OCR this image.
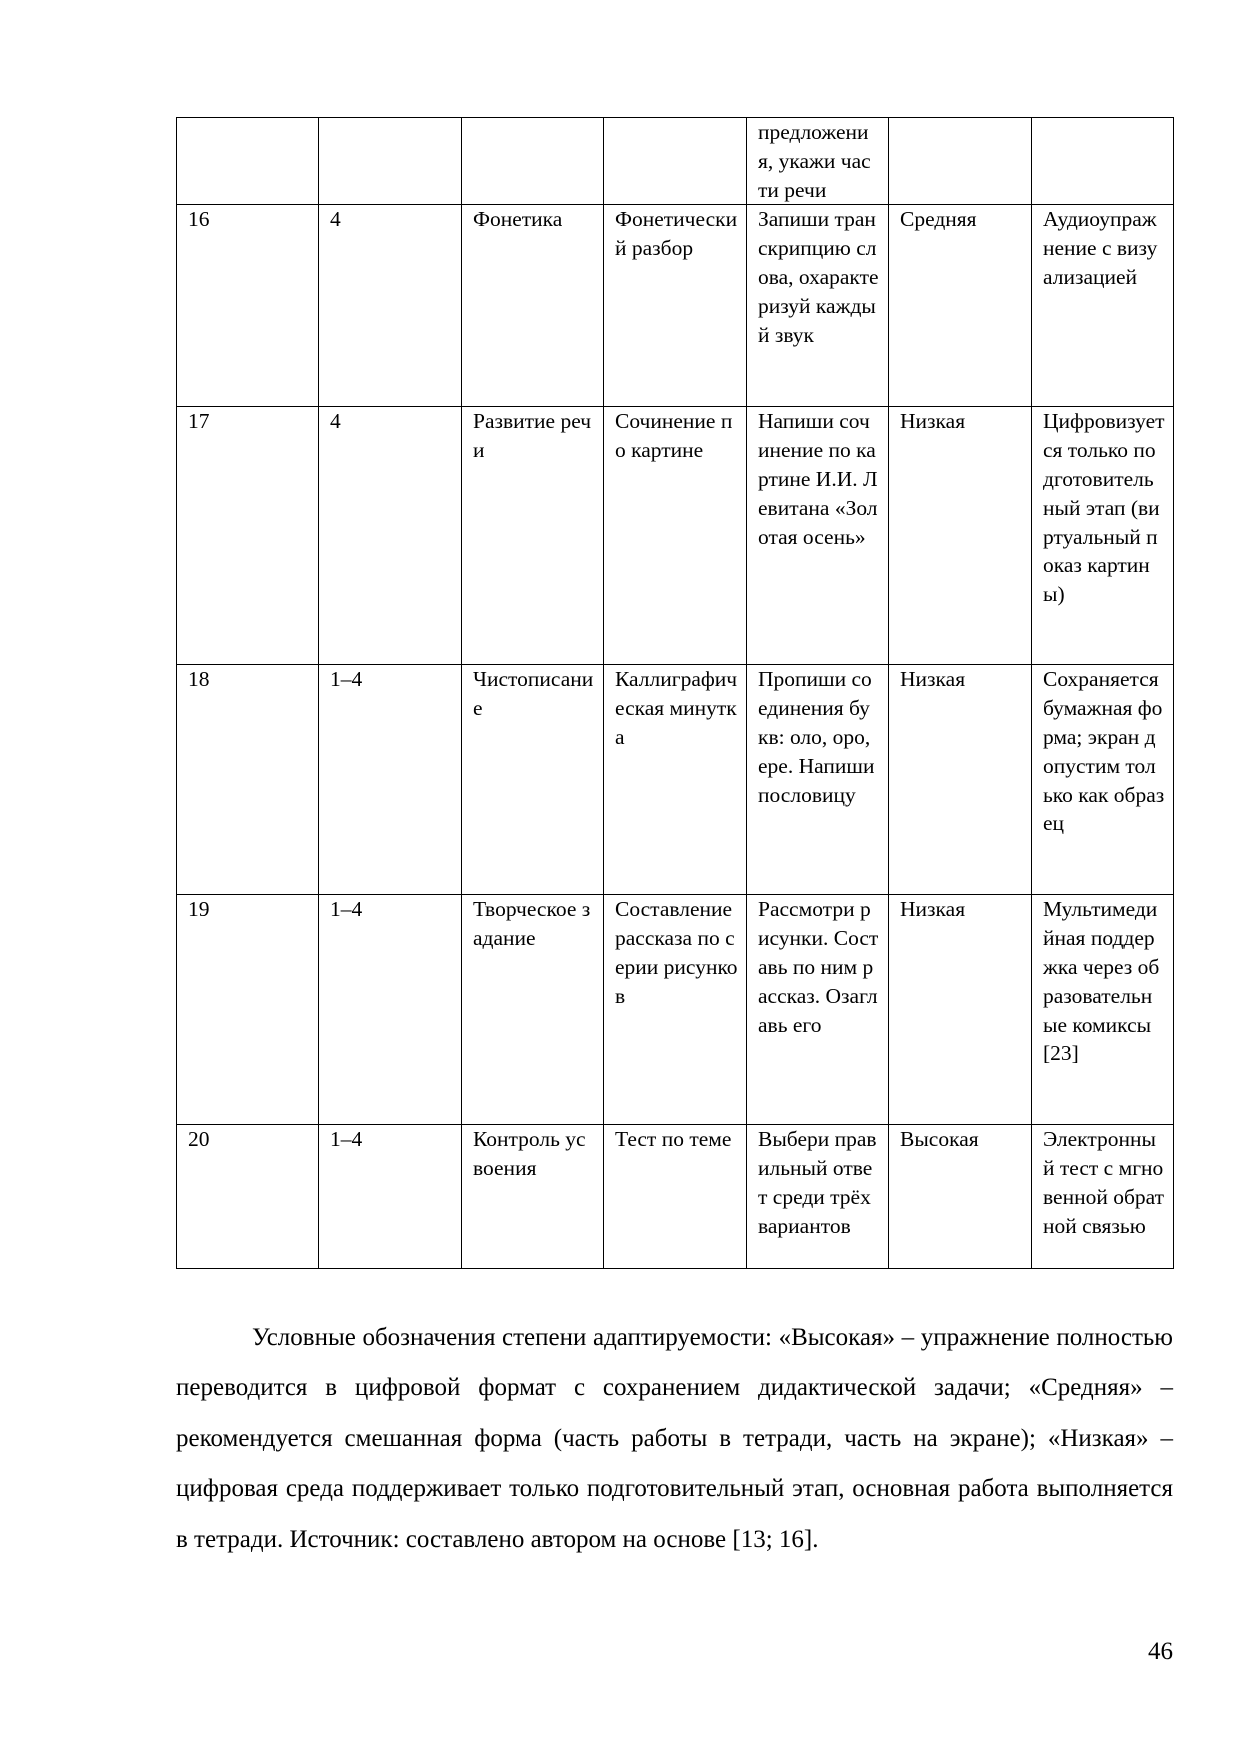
				предложения, укажи части речи		
16	4	Фонетика	Фонетический разбор	Запиши транскрипцию слова, охарактеризуй каждый звук	Средняя	Аудиоупражнение с визуализацией
17	4	Развитие речи	Сочинение по картине	Напиши сочинение по картине И.И. Левитана «Золотая осень»	Низкая	Цифровизуется только подготовительный этап (виртуальный показ картины)
18	1–4	Чистописание	Каллиграфическая минутка	Пропиши соединения букв: оло, оро, ере. Напиши пословицу	Низкая	Сохраняется бумажная форма; экран допустим только как образец
19	1–4	Творческое задание	Составление рассказа по серии рисунков	Рассмотри рисунки. Составь по ним рассказ. Озаглавь его	Низкая	Мультимедийная поддержка через образовательные комиксы [23]
20	1–4	Контроль усвоения	Тест по теме	Выбери правильный ответ среди трёх вариантов	Высокая	Электронный тест с мгновенной обратной связью

Условные обозначения степени адаптируемости: «Высокая» – упражнение полностью переводится в цифровой формат с сохранением дидактической задачи; «Средняя» – рекомендуется смешанная форма (часть работы в тетради, часть на экране); «Низкая» – цифровая среда поддерживает только подготовительный этап, основная работа выполняется в тетради. Источник: составлено автором на основе [13; 16].

46
